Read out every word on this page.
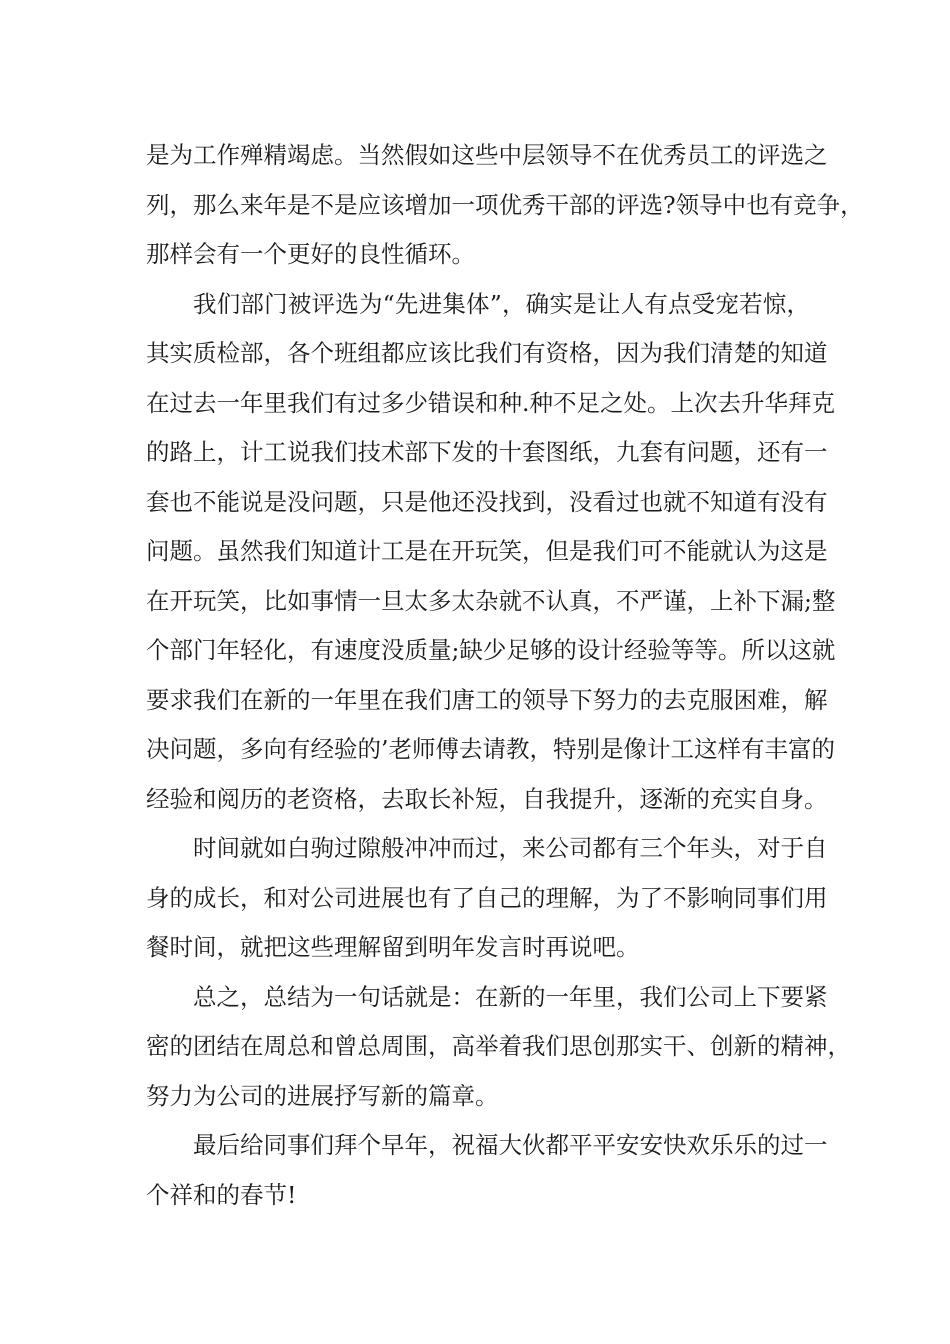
是为工作殚精竭虑。当然假如这些中层领导不在优秀员工的评选之
列，那么来年是不是应该增加一项优秀干部的评选?领导中也有竞争，
那样会有一个更好的良性循环。
我们部门被评选为“先进集体”，确实是让人有点受宠若惊，
其实质检部，各个班组都应该比我们有资格，因为我们清楚的知道
在过去一年里我们有过多少错误和种.种不足之处。上次去升华拜克
的路上，计工说我们技术部下发的十套图纸，九套有问题，还有一
套也不能说是没问题，只是他还没找到，没看过也就不知道有没有
问题。虽然我们知道计工是在开玩笑，但是我们可不能就认为这是
在开玩笑，比如事情一旦太多太杂就不认真，不严谨，上补下漏;整
个部门年轻化，有速度没质量;缺少足够的设计经验等等。所以这就
要求我们在新的一年里在我们唐工的领导下努力的去克服困难，解
决问题，多向有经验的’老师傅去请教，特别是像计工这样有丰富的
经验和阅历的老资格，去取长补短，自我提升，逐渐的充实自身。
时间就如白驹过隙般冲冲而过，来公司都有三个年头，对于自
身的成长，和对公司进展也有了自己的理解，为了不影响同事们用
餐时间，就把这些理解留到明年发言时再说吧。
总之，总结为一句话就是：在新的一年里，我们公司上下要紧
密的团结在周总和曾总周围，高举着我们思创那实干、创新的精神，
努力为公司的进展抒写新的篇章。
最后给同事们拜个早年，祝福大伙都平平安安快欢乐乐的过一
个祥和的春节!
